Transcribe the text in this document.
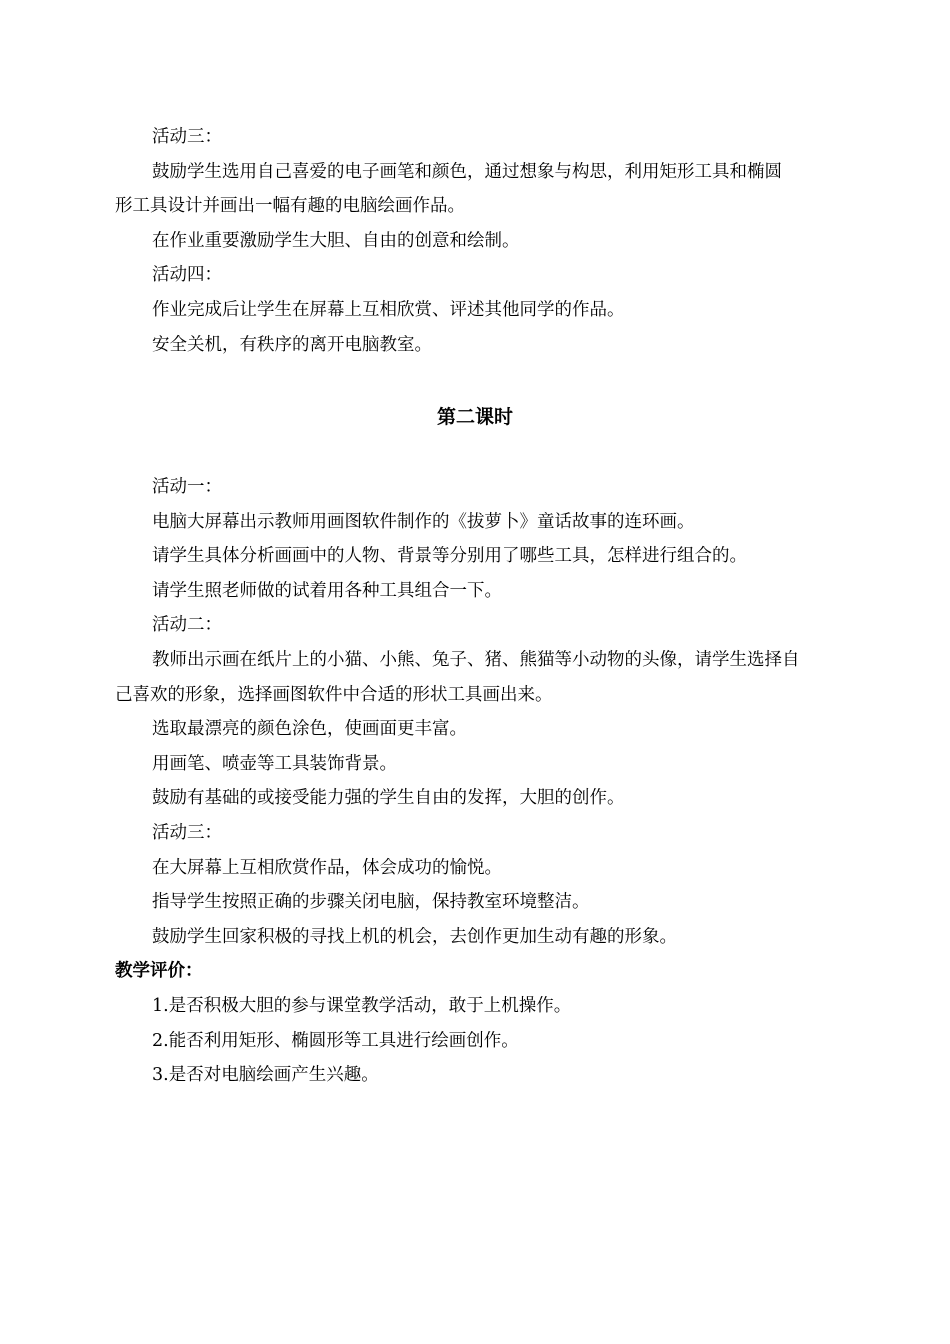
活动三：
鼓励学生选用自己喜爱的电子画笔和颜色，通过想象与构思，利用矩形工具和椭圆
形工具设计并画出一幅有趣的电脑绘画作品。
在作业重要激励学生大胆、自由的创意和绘制。
活动四：
作业完成后让学生在屏幕上互相欣赏、评述其他同学的作品。
安全关机，有秩序的离开电脑教室。
第二课时
活动一：
电脑大屏幕出示教师用画图软件制作的《拔萝卜》童话故事的连环画。
请学生具体分析画画中的人物、背景等分别用了哪些工具，怎样进行组合的。
请学生照老师做的试着用各种工具组合一下。
活动二：
教师出示画在纸片上的小猫、小熊、兔子、猪、熊猫等小动物的头像，请学生选择自
己喜欢的形象，选择画图软件中合适的形状工具画出来。
选取最漂亮的颜色涂色，使画面更丰富。
用画笔、喷壶等工具装饰背景。
鼓励有基础的或接受能力强的学生自由的发挥，大胆的创作。
活动三：
在大屏幕上互相欣赏作品，体会成功的愉悦。
指导学生按照正确的步骤关闭电脑，保持教室环境整洁。
鼓励学生回家积极的寻找上机的机会，去创作更加生动有趣的形象。
教学评价：
1.是否积极大胆的参与课堂教学活动，敢于上机操作。
2.能否利用矩形、椭圆形等工具进行绘画创作。
3.是否对电脑绘画产生兴趣。
